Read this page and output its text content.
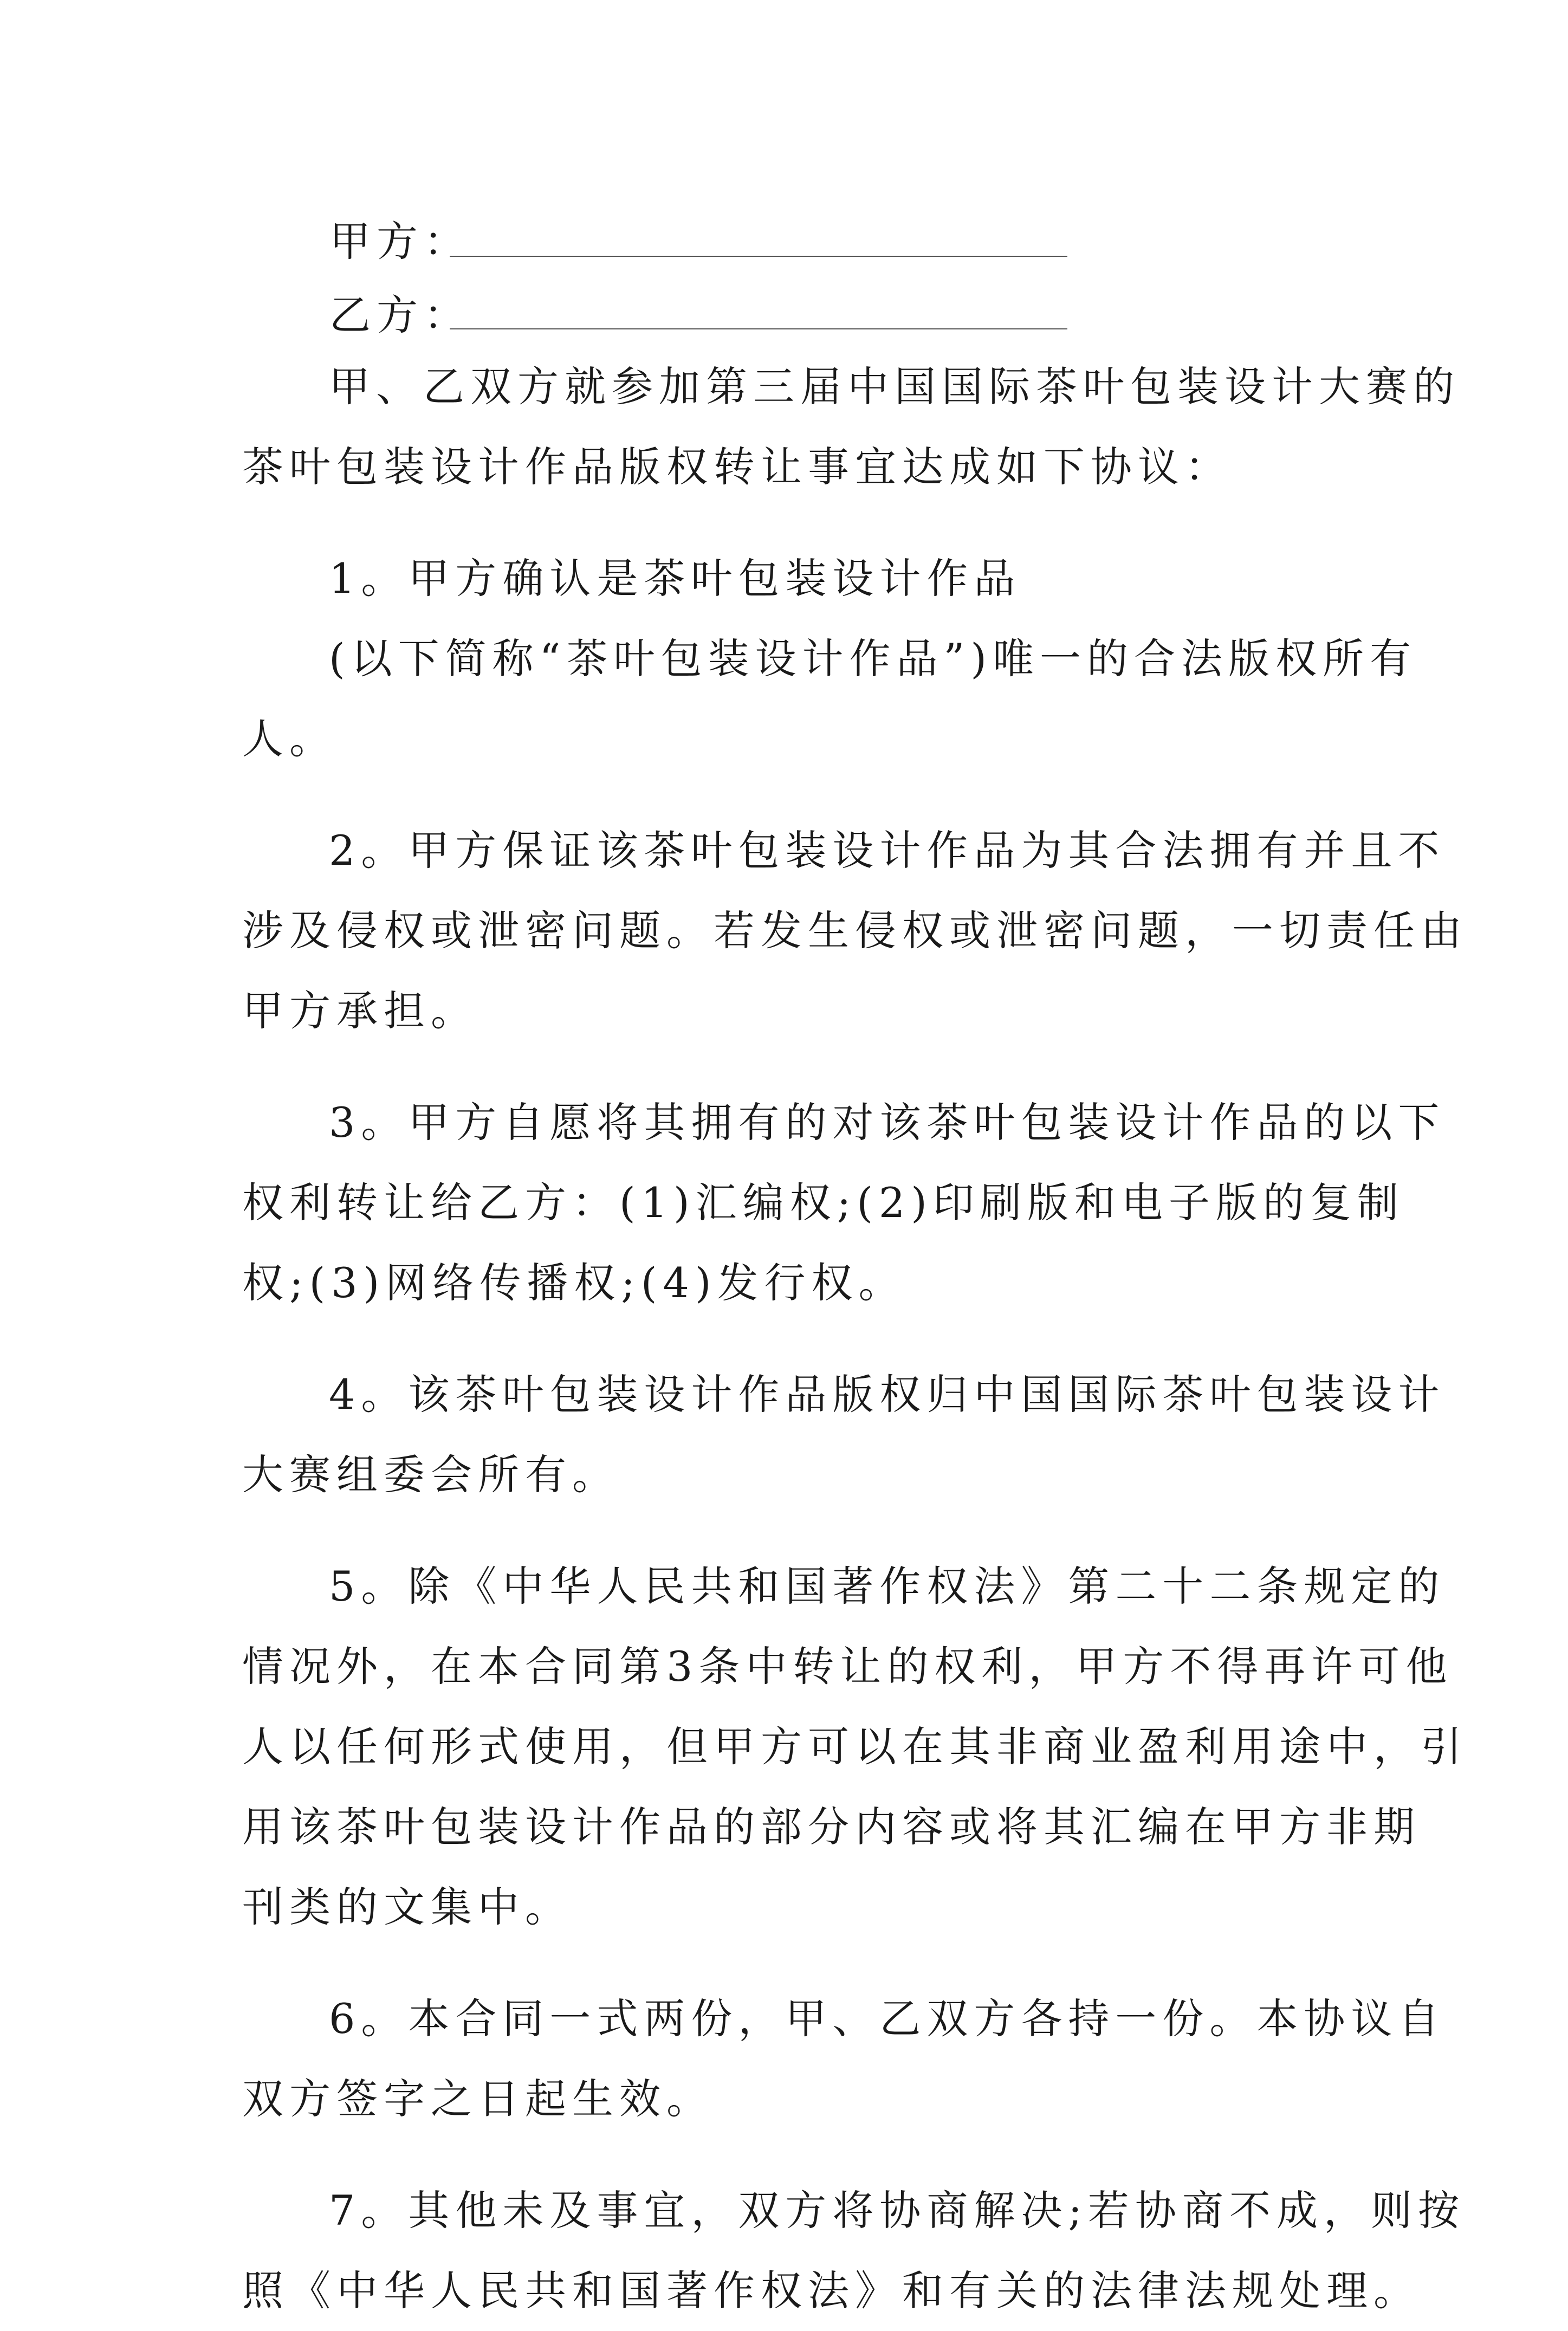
甲方：
乙方：
甲、乙双方就参加第三届中国国际茶叶包装设计大赛的
茶叶包装设计作品版权转让事宜达成如下协议：
1。甲方确认是茶叶包装设计作品
(以下简称“茶叶包装设计作品”)唯一的合法版权所有
人。
2。甲方保证该茶叶包装设计作品为其合法拥有并且不
涉及侵权或泄密问题。若发生侵权或泄密问题，一切责任由
甲方承担。
3。甲方自愿将其拥有的对该茶叶包装设计作品的以下
权利转让给乙方：(1)汇编权;(2)印刷版和电子版的复制
权;(3)网络传播权;(4)发行权。
4。该茶叶包装设计作品版权归中国国际茶叶包装设计
大赛组委会所有。
5。除《中华人民共和国著作权法》第二十二条规定的
情况外，在本合同第3条中转让的权利，甲方不得再许可他
人以任何形式使用，但甲方可以在其非商业盈利用途中，引
用该茶叶包装设计作品的部分内容或将其汇编在甲方非期
刊类的文集中。
6。本合同一式两份，甲、乙双方各持一份。本协议自
双方签字之日起生效。
7。其他未及事宜，双方将协商解决;若协商不成，则按
照《中华人民共和国著作权法》和有关的法律法规处理。
